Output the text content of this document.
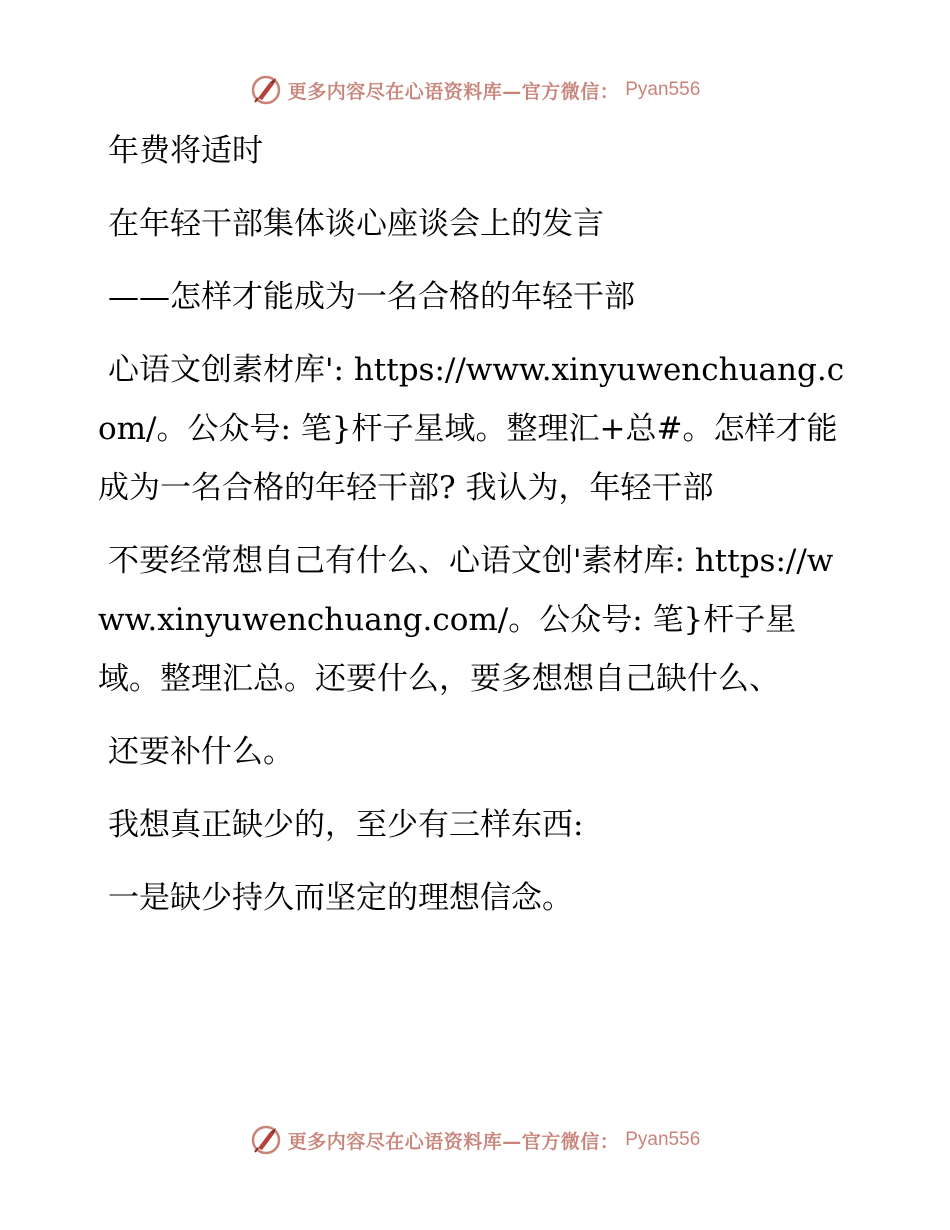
更多内容尽在心语资料库—官方微信： Pyan556

年费将适时

在年轻干部集体谈心座谈会上的发言

——怎样才能成为一名合格的年轻干部

心语文创素材库': https://www.xinyuwenchuang.com/。公众号: 笔}杆子星域。整理汇+总#。怎样才能成为一名合格的年轻干部? 我认为，年轻干部

不要经常想自己有什么、心语文创'素材库: https://www.xinyuwenchuang.com/。公众号: 笔}杆子星域。整理汇总。还要什么，要多想想自己缺什么、

还要补什么。

我想真正缺少的，至少有三样东西:

一是缺少持久而坚定的理想信念。

更多内容尽在心语资料库—官方微信： Pyan556
